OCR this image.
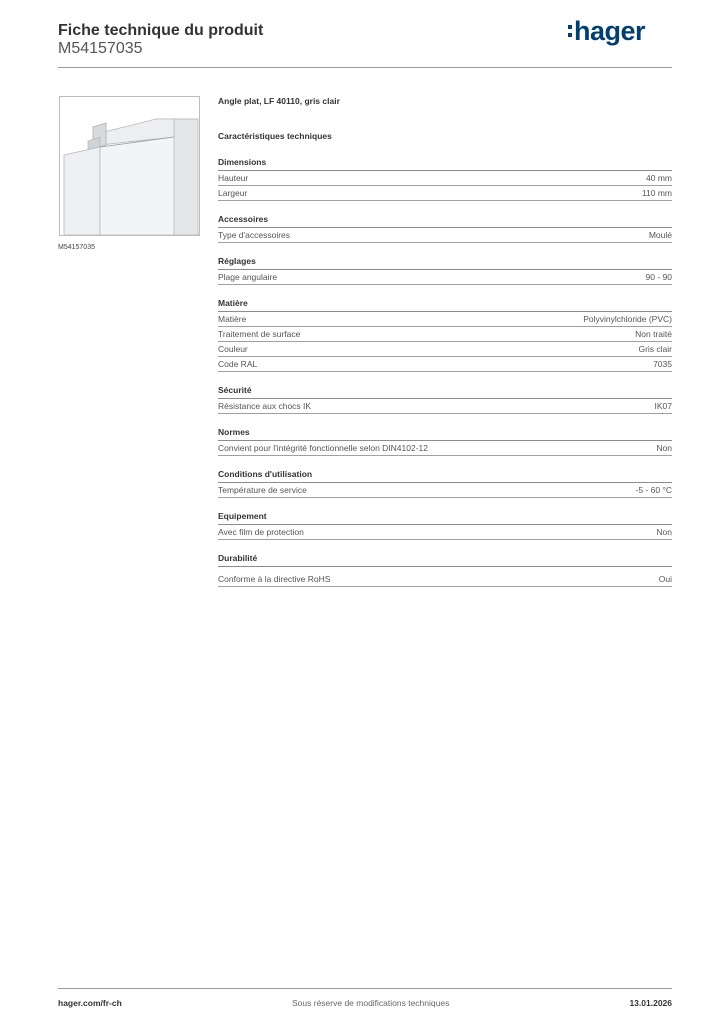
Fiche technique du produit
M54157035
hager
M54157035
Angle plat, LF 40110, gris clair
Caractéristiques techniques
Dimensions
Hauteur	40 mm
Largeur	110 mm
Accessoires
Type d'accessoires	Moulé
Réglages
Plage angulaire	90 - 90
Matière
Matière	Polyvinylchloride (PVC)
Traitement de surface	Non traité
Couleur	Gris clair
Code RAL	7035
Sécurité
Résistance aux chocs IK	IK07
Normes
Convient pour l'intégrité fonctionnelle selon DIN4102-12	Non
Conditions d'utilisation
Température de service	-5 - 60 °C
Equipement
Avec film de protection	Non
Durabilité
Conforme à la directive RoHS	Oui
hager.com/fr-ch	Sous réserve de modifications techniques	13.01.2026
